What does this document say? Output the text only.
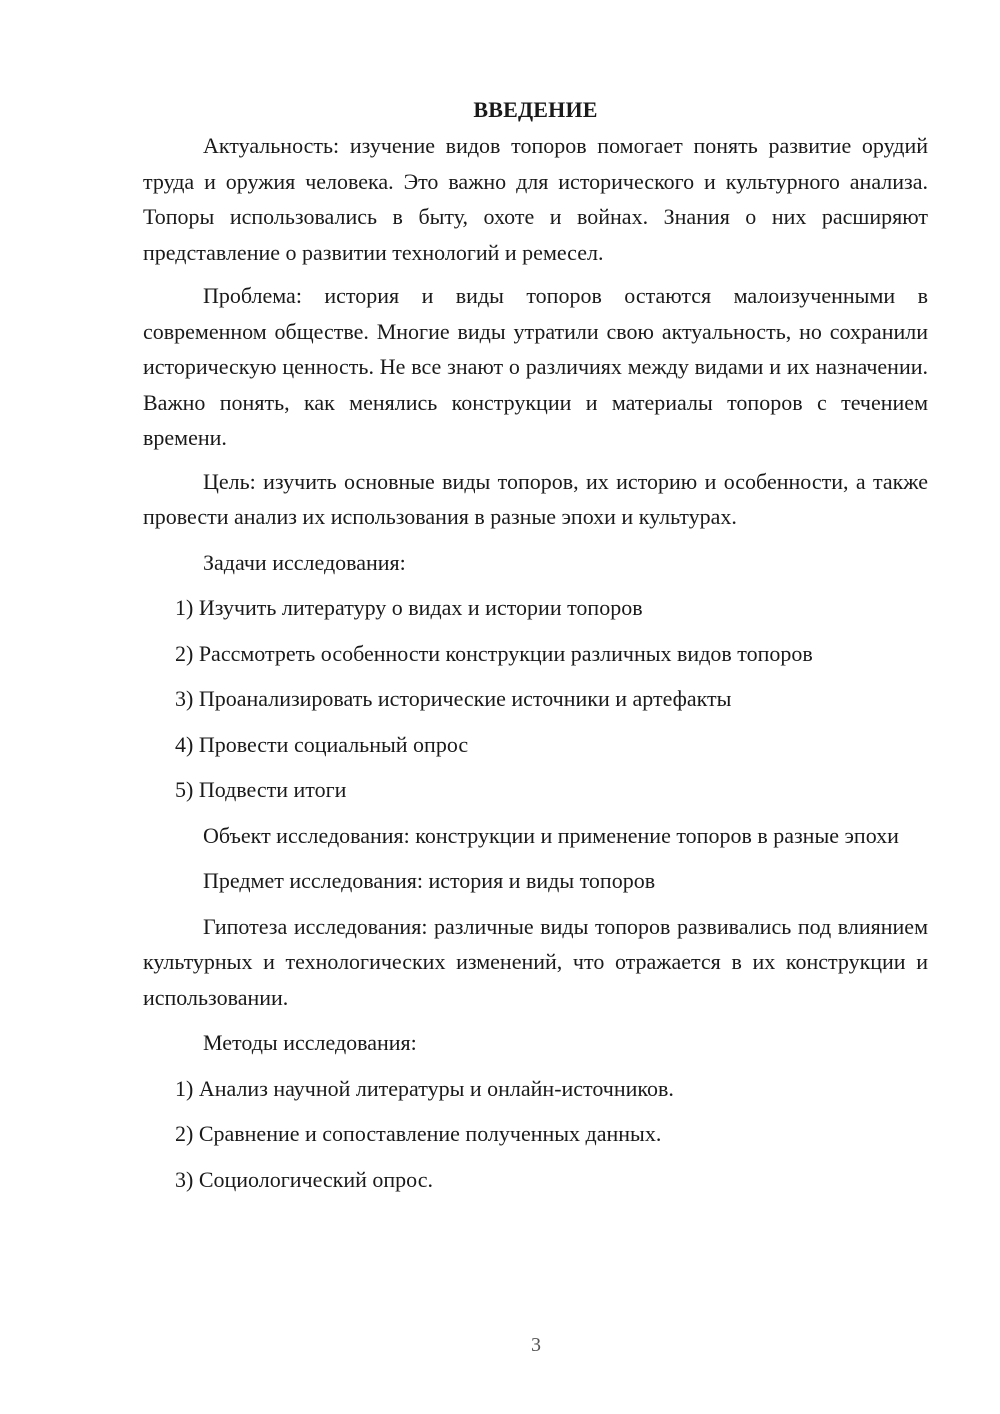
ВВЕДЕНИЕ

Актуальность: изучение видов топоров помогает понять развитие орудий труда и оружия человека. Это важно для исторического и культурного анализа. Топоры использовались в быту, охоте и войнах. Знания о них расширяют представление о развитии технологий и ремесел.

Проблема: история и виды топоров остаются малоизученными в современном обществе. Многие виды утратили свою актуальность, но сохранили историческую ценность. Не все знают о различиях между видами и их назначении. Важно понять, как менялись конструкции и материалы топоров с течением времени.

Цель: изучить основные виды топоров, их историю и особенности, а также провести анализ их использования в разные эпохи и культурах.

Задачи исследования:
1) Изучить литературу о видах и истории топоров
2) Рассмотреть особенности конструкции различных видов топоров
3) Проанализировать исторические источники и артефакты
4) Провести социальный опрос
5) Подвести итоги

Объект исследования: конструкции и применение топоров в разные эпохи

Предмет исследования: история и виды топоров

Гипотеза исследования: различные виды топоров развивались под влиянием культурных и технологических изменений, что отражается в их конструкции и использовании.

Методы исследования:
1) Анализ научной литературы и онлайн-источников.
2) Сравнение и сопоставление полученных данных.
3) Социологический опрос.
3
